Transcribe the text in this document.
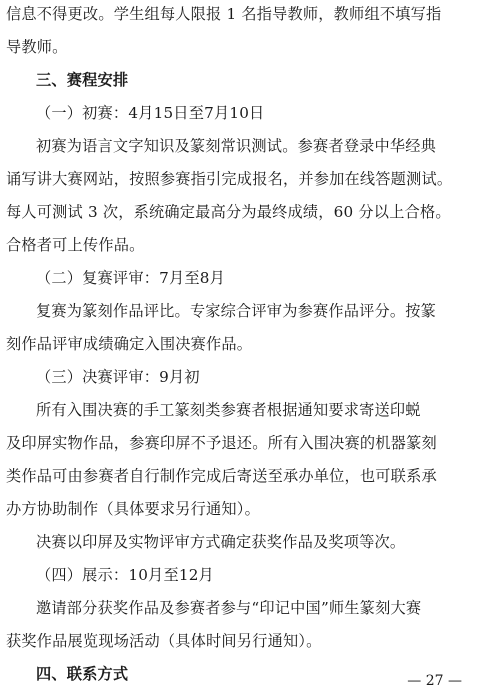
信息不得更改。学生组每人限报 1 名指导教师，教师组不填写指
导教师。
三、赛程安排
（一）初赛：4月15日至7月10日
初赛为语言文字知识及篆刻常识测试。参赛者登录中华经典
诵写讲大赛网站，按照参赛指引完成报名，并参加在线答题测试。
每人可测试 3 次，系统确定最高分为最终成绩，60 分以上合格。
合格者可上传作品。
（二）复赛评审：7月至8月
复赛为篆刻作品评比。专家综合评审为参赛作品评分。按篆
刻作品评审成绩确定入围决赛作品。
（三）决赛评审：9月初
所有入围决赛的手工篆刻类参赛者根据通知要求寄送印蜕
及印屏实物作品，参赛印屏不予退还。所有入围决赛的机器篆刻
类作品可由参赛者自行制作完成后寄送至承办单位，也可联系承
办方协助制作（具体要求另行通知）。
决赛以印屏及实物评审方式确定获奖作品及奖项等次。
（四）展示：10月至12月
邀请部分获奖作品及参赛者参与“印记中国”师生篆刻大赛
获奖作品展览现场活动（具体时间另行通知）。
四、联系方式	— 27 —
